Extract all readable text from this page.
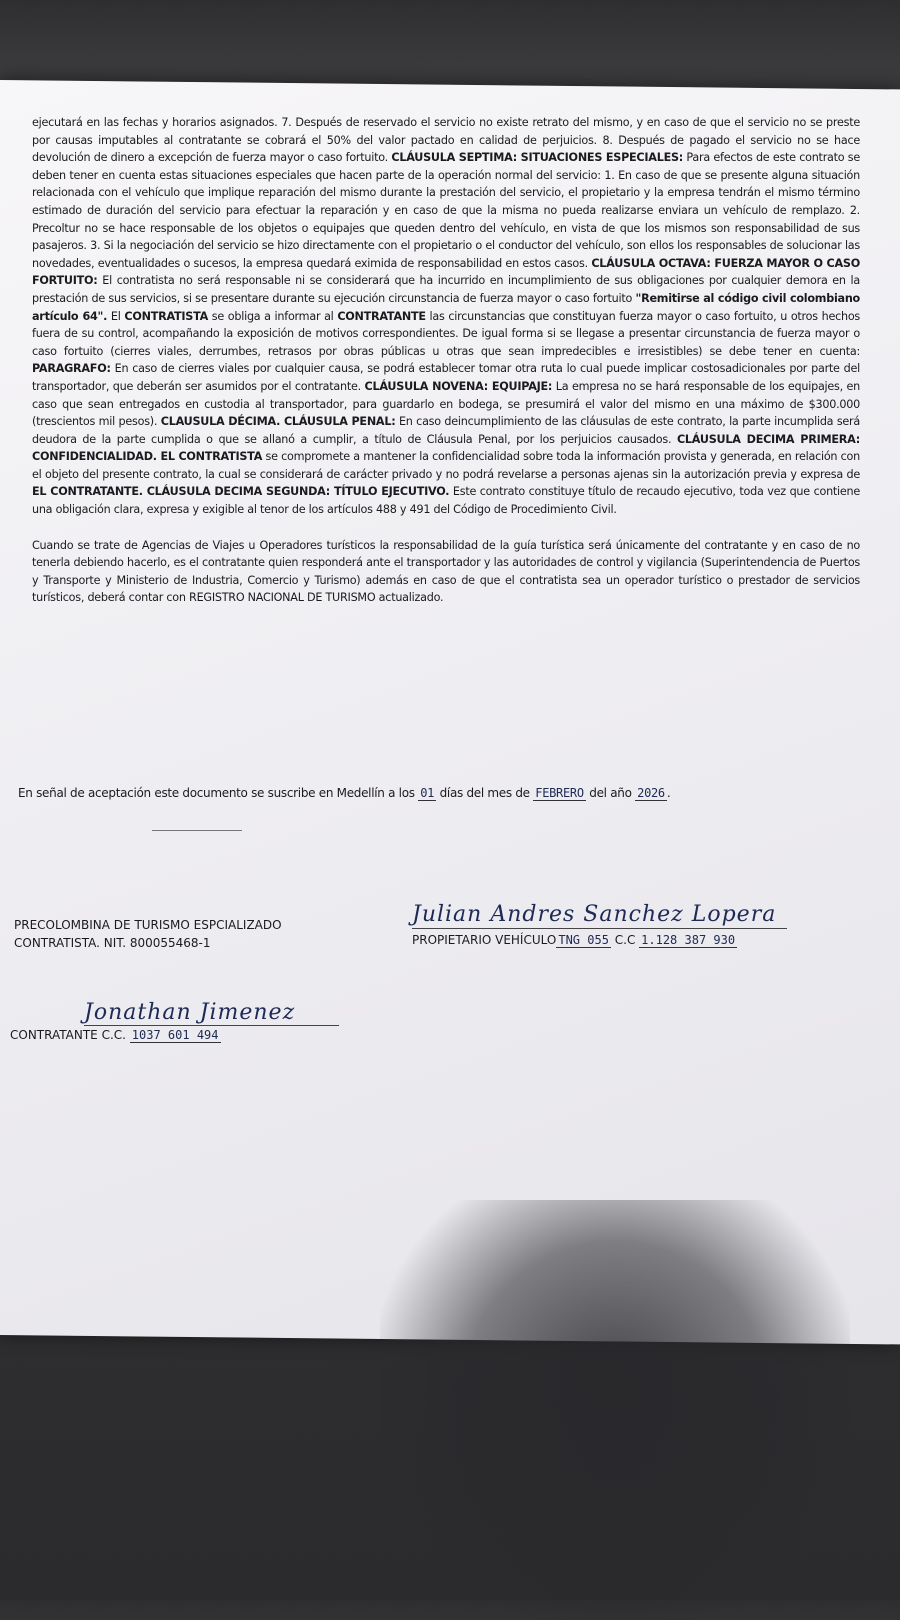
ejecutará en las fechas y horarios asignados. 7. Después de reservado el servicio no existe retrato del mismo, y en caso de que el servicio no se preste por causas imputables al contratante se cobrará el 50% del valor pactado en calidad de perjuicios. 8. Después de pagado el servicio no se hace devolución de dinero a excepción de fuerza mayor o caso fortuito. CLÁUSULA SEPTIMA: SITUACIONES ESPECIALES: Para efectos de este contrato se deben tener en cuenta estas situaciones especiales que hacen parte de la operación normal del servicio: 1. En caso de que se presente alguna situación relacionada con el vehículo que implique reparación del mismo durante la prestación del servicio, el propietario y la empresa tendrán el mismo término estimado de duración del servicio para efectuar la reparación y en caso de que la misma no pueda realizarse enviara un vehículo de remplazo. 2. Precoltur no se hace responsable de los objetos o equipajes que queden dentro del vehículo, en vista de que los mismos son responsabilidad de sus pasajeros. 3. Si la negociación del servicio se hizo directamente con el propietario o el conductor del vehículo, son ellos los responsables de solucionar las novedades, eventualidades o sucesos, la empresa quedará eximida de responsabilidad en estos casos. CLÁUSULA OCTAVA: FUERZA MAYOR O CASO FORTUITO: El contratista no será responsable ni se considerará que ha incurrido en incumplimiento de sus obligaciones por cualquier demora en la prestación de sus servicios, si se presentare durante su ejecución circunstancia de fuerza mayor o caso fortuito "Remitirse al código civil colombiano artículo 64". El CONTRATISTA se obliga a informar al CONTRATANTE las circunstancias que constituyan fuerza mayor o caso fortuito, u otros hechos fuera de su control, acompañando la exposición de motivos correspondientes. De igual forma si se llegase a presentar circunstancia de fuerza mayor o caso fortuito (cierres viales, derrumbes, retrasos por obras públicas u otras que sean impredecibles e irresistibles) se debe tener en cuenta: PARAGRAFO: En caso de cierres viales por cualquier causa, se podrá establecer tomar otra ruta lo cual puede implicar costosadicionales por parte del transportador, que deberán ser asumidos por el contratante. CLÁUSULA NOVENA: EQUIPAJE: La empresa no se hará responsable de los equipajes, en caso que sean entregados en custodia al transportador, para guardarlo en bodega, se presumirá el valor del mismo en una máximo de $300.000 (trescientos mil pesos). CLAUSULA DÉCIMA. CLÁUSULA PENAL: En caso deincumplimiento de las cláusulas de este contrato, la parte incumplida será deudora de la parte cumplida o que se allanó a cumplir, a título de Cláusula Penal, por los perjuicios causados. CLÁUSULA DECIMA PRIMERA: CONFIDENCIALIDAD. EL CONTRATISTA se compromete a mantener la confidencialidad sobre toda la información provista y generada, en relación con el objeto del presente contrato, la cual se considerará de carácter privado y no podrá revelarse a personas ajenas sin la autorización previa y expresa de EL CONTRATANTE. CLÁUSULA DECIMA SEGUNDA: TÍTULO EJECUTIVO. Este contrato constituye título de recaudo ejecutivo, toda vez que contiene una obligación clara, expresa y exigible al tenor de los artículos 488 y 491 del Código de Procedimiento Civil.

Cuando se trate de Agencias de Viajes u Operadores turísticos la responsabilidad de la guía turística será únicamente del contratante y en caso de no tenerla debiendo hacerlo, es el contratante quien responderá ante el transportador y las autoridades de control y vigilancia (Superintendencia de Puertos y Transporte y Ministerio de Industria, Comercio y Turismo) además en caso de que el contratista sea un operador turístico o prestador de servicios turísticos, deberá contar con REGISTRO NACIONAL DE TURISMO actualizado.

En señal de aceptación este documento se suscribe en Medellín a los 01 días del mes de FEBRERO del año 2026 .
PRECOLOMBINA DE TURISMO ESPCIALIZADO
CONTRATISTA. NIT. 800055468-1
Julian Andres Sanchez Lopera
PROPIETARIO VEHÍCULO TNG 055 C.C 1.128 387 930
Jonathan Jimenez
CONTRATANTE C.C. 1037 601 494
